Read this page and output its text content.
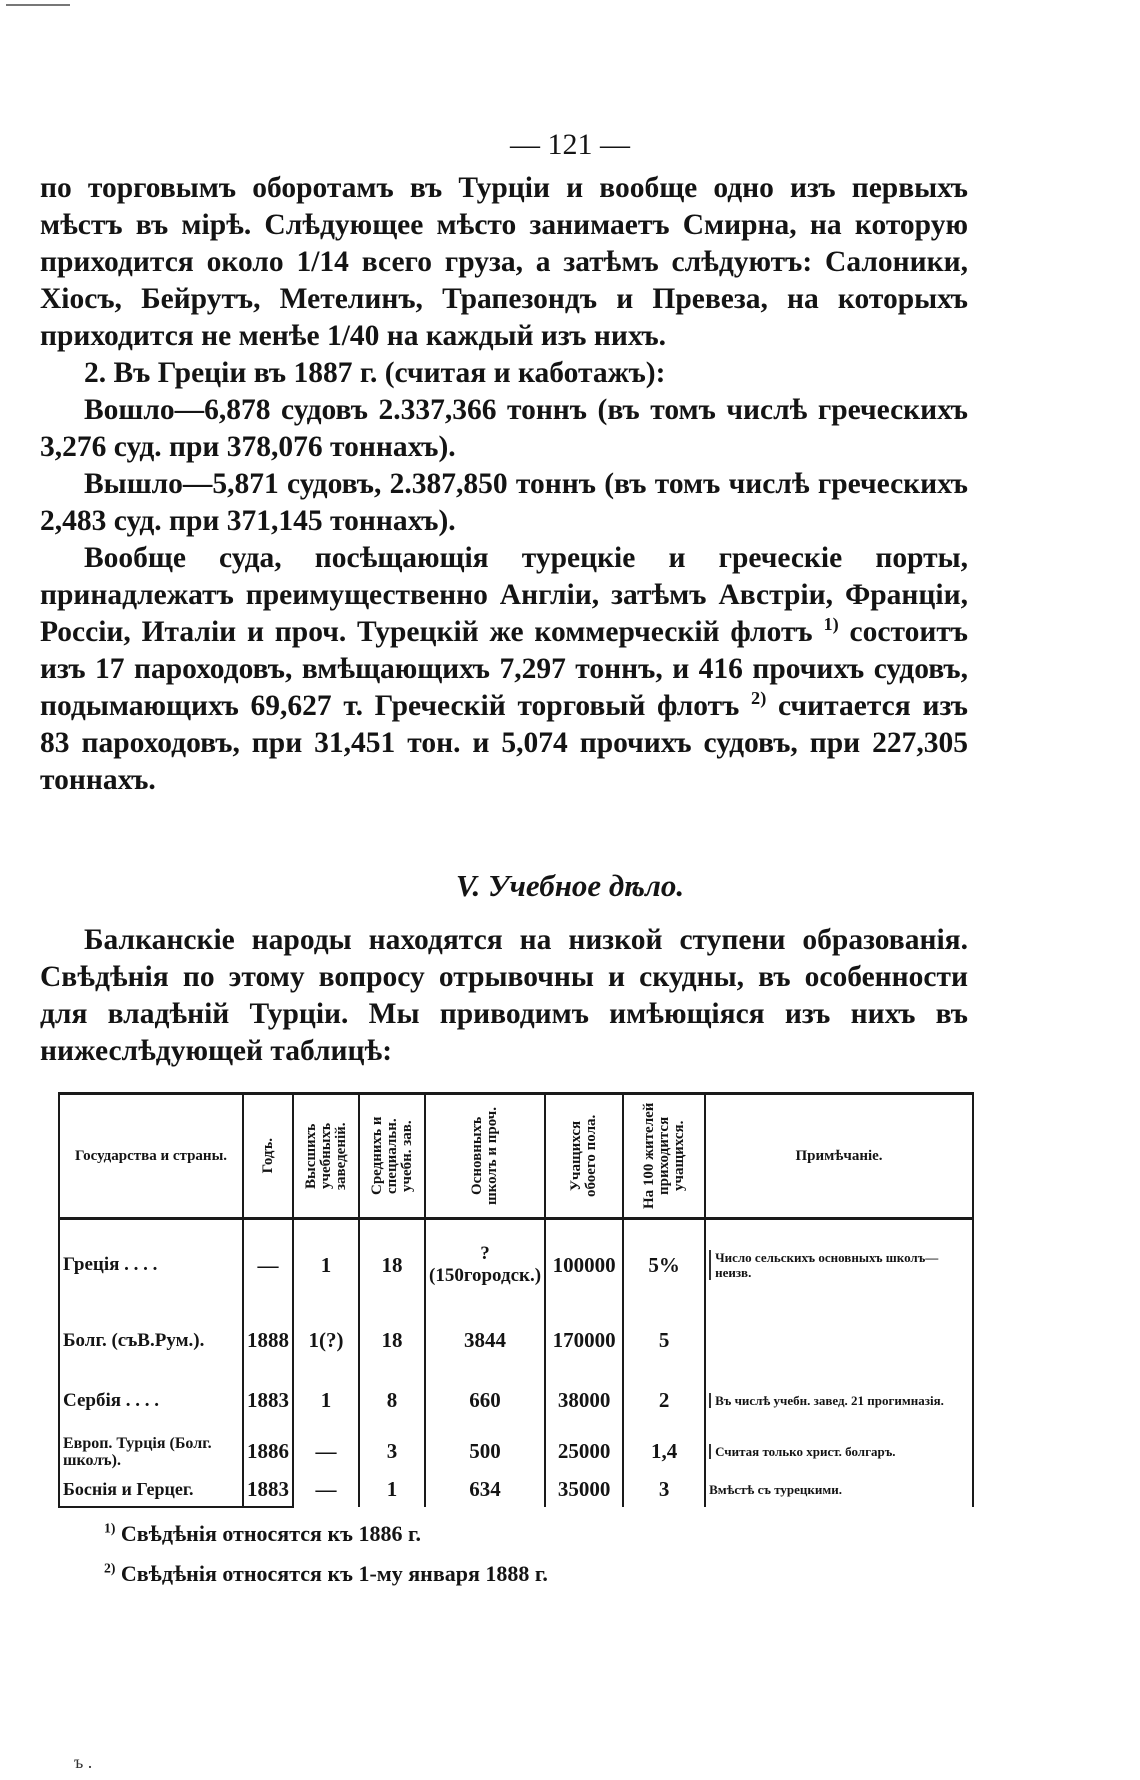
— 121 —

по торговымъ оборотамъ въ Турціи и вообще одно изъ первыхъ мѣстъ въ мірѣ. Слѣдующее мѣсто занимаетъ Смирна, на которую приходится около 1/14 всего груза, а затѣмъ слѣдуютъ: Салоники, Хіосъ, Бейрутъ, Метелинъ, Трапезондъ и Превеза, на которыхъ приходится не менѣе 1/40 на каждый изъ нихъ.

2. Въ Греціи въ 1887 г. (считая и каботажъ):

Вошло—6,878 судовъ 2.337,366 тоннъ (въ томъ числѣ греческихъ 3,276 суд. при 378,076 тоннахъ).

Вышло—5,871 судовъ, 2.387,850 тоннъ (въ томъ числѣ греческихъ 2,483 суд. при 371,145 тоннахъ).

Вообще суда, посѣщающія турецкіе и греческіе порты, принадлежатъ преимущественно Англіи, затѣмъ Австріи, Франціи, Россіи, Италіи и проч. Турецкій же коммерческій флотъ $^{1)}$ состоитъ изъ 17 пароходовъ, вмѣщающихъ 7,297 тоннъ, и 416 прочихъ судовъ, подымающихъ 69,627 т. Греческій торговый флотъ $^{2)}$ считается изъ 83 пароходовъ, при 31,451 тон. и 5,074 прочихъ судовъ, при 227,305 тоннахъ.

V. Учебное дѣло.

Балканскіе народы находятся на низкой ступени образованія. Свѣдѣнія по этому вопросу отрывочны и скудны, въ особенности для владѣній Турціи. Мы приводимъ имѣющіяся изъ нихъ въ нижеслѣдующей таблицѣ:

Государства и страны.	Годъ.	Высшихъ учебныхъ заведеній.	Среднихъ и специальн. учебн. зав.	Основныхъ школъ и проч.	Учащихся обоего пола.	На 100 жителей приходится учащихся.	Примѣчаніе.

Греція . . . .	—	1	18	? (150городск.)	100000	5%	Число сельскихъ основныхъ школъ—неизв.

Болг. (съВ.Рум.).	1888	1(?)	18	3844	170000	5	
Сербія . . . .	1883	1	8	660	38000	2	Въ числѣ учебн. завед. 21 прогимназія.

Европ. Турція (Болг. школъ).	1886	—	3	500	25000	1,4	Считая только христ. болгаръ.

Боснія и Герцег.	1883	—	1	634	35000	3	Вмѣстѣ съ турецкими.
$^{1)}$ Свѣдѣнія относятся къ 1886 г.
$^{2)}$ Свѣдѣнія относятся къ 1-му января 1888 г.
ъ .
